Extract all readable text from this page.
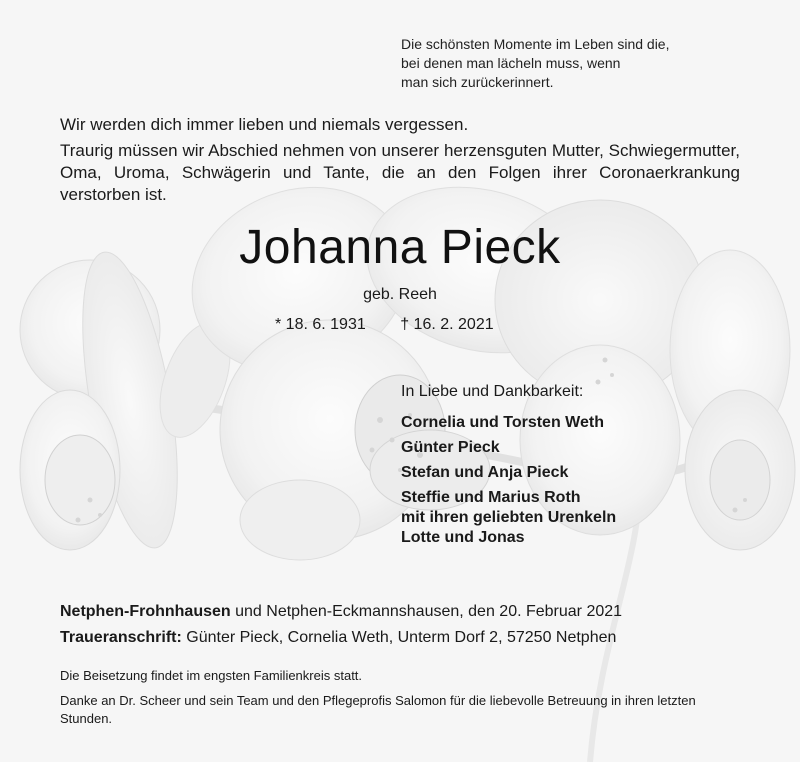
Die schönsten Momente im Leben sind die,
bei denen man lächeln muss, wenn
man sich zurückerinnert.
Wir werden dich immer lieben und niemals vergessen.
Traurig müssen wir Abschied nehmen von unserer herzensguten Mutter, Schwiegermutter, Oma, Uroma, Schwägerin und Tante, die an den Folgen ihrer Coronaerkrankung verstorben ist.
Johanna Pieck
geb. Reeh
* 18. 6. 1931 † 16. 2. 2021
In Liebe und Dankbarkeit:
Cornelia und Torsten Weth
Günter Pieck
Stefan und Anja Pieck
Steffie und Marius Roth
mit ihren geliebten Urenkeln
Lotte und Jonas
Netphen-Frohnhausen und Netphen-Eckmannshausen, den 20. Februar 2021
Traueranschrift: Günter Pieck, Cornelia Weth, Unterm Dorf 2, 57250 Netphen
Die Beisetzung findet im engsten Familienkreis statt.
Danke an Dr. Scheer und sein Team und den Pflegeprofis Salomon für die liebevolle Betreuung in ihren letzten Stunden.
